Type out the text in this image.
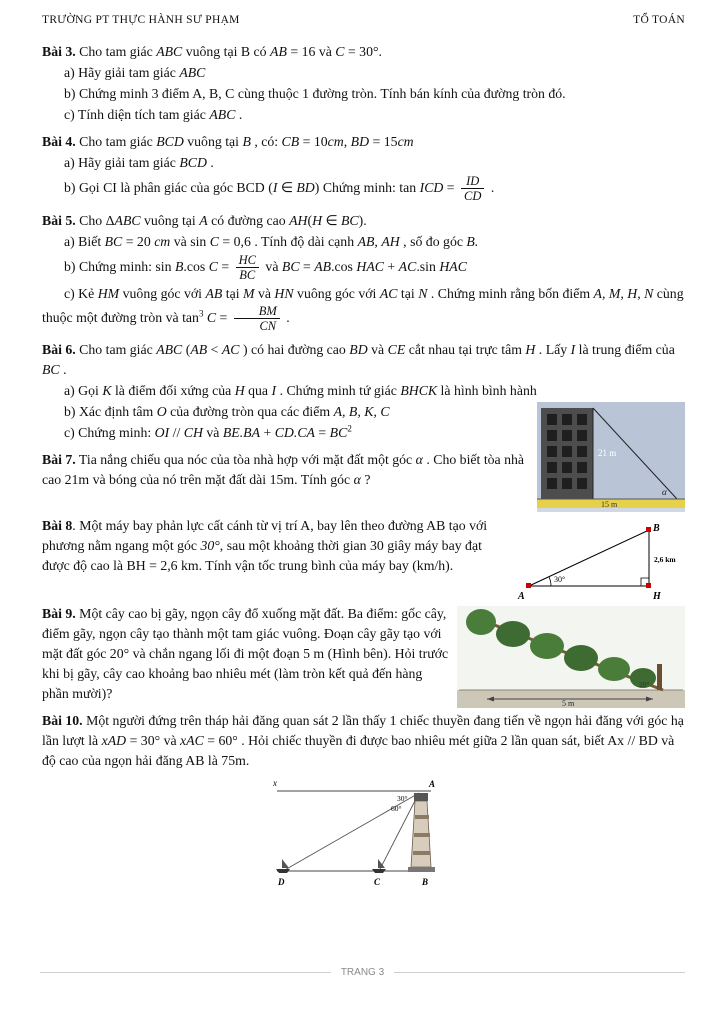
TRƯỜNG PT THỰC HÀNH SƯ PHẠM	TỔ TOÁN

Bài 3. Cho tam giác ABC vuông tại B có AB = 16 và C = 30°.

a) Hãy giải tam giác ABC

b) Chứng minh 3 điểm A, B, C cùng thuộc 1 đường tròn. Tính bán kính của đường tròn đó.

c) Tính diện tích tam giác ABC .

Bài 4. Cho tam giác BCD vuông tại B , có: CB = 10cm, BD = 15cm

a) Hãy giải tam giác BCD .

b) Gọi CI là phân giác của góc BCD (I ∈ BD) Chứng minh: tan ICD = $\frac{ID}{CD}$ .

Bài 5. Cho ΔABC vuông tại A có đường cao AH(H ∈ BC).

a) Biết BC = 20 cm và sin C = 0,6 . Tính độ dài cạnh AB, AH , số đo góc B.

b) Chứng minh: sin B.cos $C = \frac{HC}{BC}$ và BC = AB.cos HAC + AC.sin HAC

c) Kẻ HM vuông góc với AB tại M và HN vuông góc với AC tại N . Chứng minh rằng bốn điểm A, M, H, N cùng thuộc một đường tròn và $\tan^3 C = \frac{BM}{CN}$ .

Bài 6. Cho tam giác ABC (AB < AC ) có hai đường cao BD và CE cắt nhau tại trực tâm H . Lấy I là trung điểm của BC .

a) Gọi K là điểm đối xứng của H qua I . Chứng minh tứ giác BHCK là hình bình hành

21 m
α
15 m

b) Xác định tâm O của đường tròn qua các điểm A, B, K, C

c) Chứng minh: OI // CH và $BE.BA + CD.CA = BC^2$

Bài 7. Tia nắng chiếu qua nóc của tòa nhà hợp với mặt đất một góc α . Cho biết tòa nhà cao 21m và bóng của nó trên mặt đất dài 15m. Tính góc α ?

B
A	H
2,6 km
30°

Bài 8. Một máy bay phản lực cất cánh từ vị trí A, bay lên theo đường AB tạo với phương nằm ngang một góc 30°, sau một khoảng thời gian 30 giây máy bay đạt được độ cao là BH = 2,6 km. Tính vận tốc trung bình của máy bay (km/h).

20°
5 m

Bài 9. Một cây cao bị gãy, ngọn cây đổ xuống mặt đất. Ba điểm: gốc cây, điểm gãy, ngọn cây tạo thành một tam giác vuông. Đoạn cây gãy tạo với mặt đất góc 20° và chắn ngang lối đi một đoạn 5 m (Hình bên). Hỏi trước khi bị gãy, cây cao khoảng bao nhiêu mét (làm tròn kết quả đến hàng phần mười)?

Bài 10. Một người đứng trên tháp hải đăng quan sát 2 lần thấy 1 chiếc thuyền đang tiến về ngọn hải đăng với góc hạ lần lượt là xAD = 30° và xAC = 60° . Hỏi chiếc thuyền đi được bao nhiêu mét giữa 2 lần quan sát, biết Ax // BD và độ cao của ngọn hải đăng AB là 75m.

x	A
30°
60°
D	C	B
TRANG 3
